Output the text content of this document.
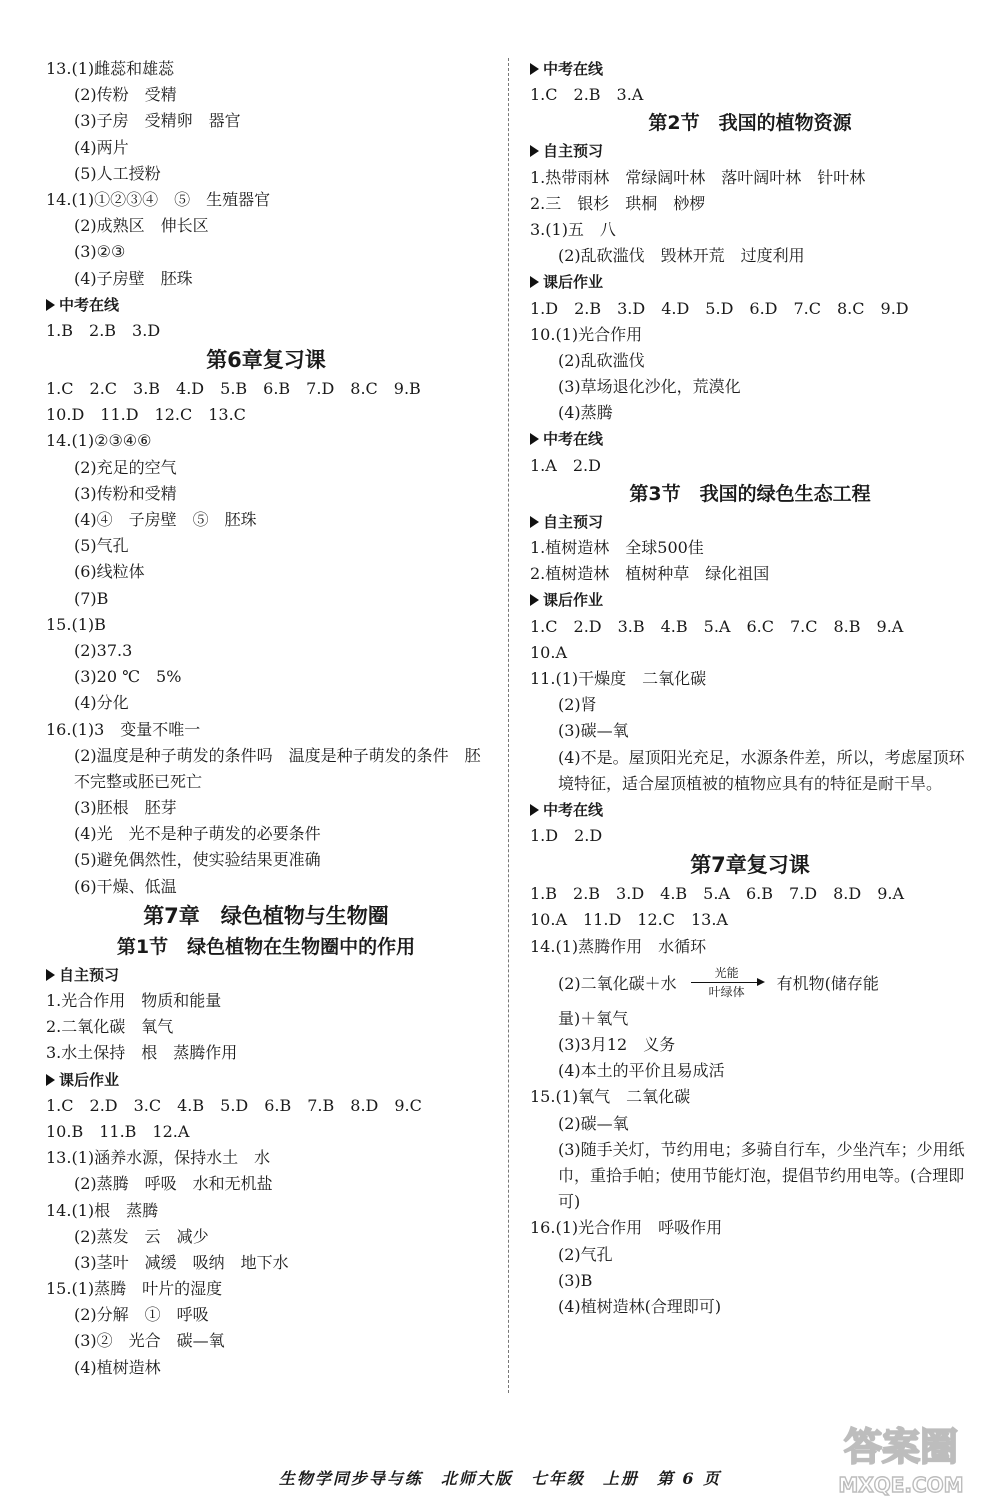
13.(1)雌蕊和雄蕊
(2)传粉　受精
(3)子房　受精卵　器官
(4)两片
(5)人工授粉
14.(1)①②③④　⑤　生殖器官
(2)成熟区　伸长区
(3)②③
(4)子房壁　胚珠
中考在线
1.B　2.B　3.D
第6章复习课
1.C　2.C　3.B　4.D　5.B　6.B　7.D　8.C　9.B
10.D　11.D　12.C　13.C
14.(1)②③④⑥
(2)充足的空气
(3)传粉和受精
(4)④　子房壁　⑤　胚珠
(5)气孔
(6)线粒体
(7)B
15.(1)B
(2)37.3
(3)20 ℃　5%
(4)分化
16.(1)3　变量不唯一
(2)温度是种子萌发的条件吗　温度是种子萌发的条件　胚不完整或胚已死亡
(3)胚根　胚芽
(4)光　光不是种子萌发的必要条件
(5)避免偶然性，使实验结果更准确
(6)干燥、低温
第7章　绿色植物与生物圈
第1节　绿色植物在生物圈中的作用
自主预习
1.光合作用　物质和能量
2.二氧化碳　氧气
3.水土保持　根　蒸腾作用
课后作业
1.C　2.D　3.C　4.B　5.D　6.B　7.B　8.D　9.C
10.B　11.B　12.A
13.(1)涵养水源，保持水土　水
(2)蒸腾　呼吸　水和无机盐
14.(1)根　蒸腾
(2)蒸发　云　减少
(3)茎叶　减缓　吸纳　地下水
15.(1)蒸腾　叶片的湿度
(2)分解　①　呼吸
(3)②　光合　碳—氧
(4)植树造林
中考在线
1.C　2.B　3.A
第2节　我国的植物资源
自主预习
1.热带雨林　常绿阔叶林　落叶阔叶林　针叶林
2.三　银杉　珙桐　桫椤
3.(1)五　八
(2)乱砍滥伐　毁林开荒　过度利用
课后作业
1.D　2.B　3.D　4.D　5.D　6.D　7.C　8.C　9.D
10.(1)光合作用
(2)乱砍滥伐
(3)草场退化沙化，荒漠化
(4)蒸腾
中考在线
1.A　2.D
第3节　我国的绿色生态工程
自主预习
1.植树造林　全球500佳
2.植树造林　植树种草　绿化祖国
课后作业
1.C　2.D　3.B　4.B　5.A　6.C　7.C　8.B　9.A
10.A
11.(1)干燥度　二氧化碳
(2)肾
(3)碳—氧
(4)不是。屋顶阳光充足，水源条件差，所以，考虑屋顶环境特征，适合屋顶植被的植物应具有的特征是耐干旱。
中考在线
1.D　2.D
第7章复习课
1.B　2.B　3.D　4.B　5.A　6.B　7.D　8.D　9.A
10.A　11.D　12.C　13.A
14.(1)蒸腾作用　水循环
(2)二氧化碳＋水
光能
叶绿体 有机物(储存能
量)＋氧气
(3)3月12　义务
(4)本土的平价且易成活
15.(1)氧气　二氧化碳
(2)碳—氧
(3)随手关灯，节约用电；多骑自行车，少坐汽车；少用纸巾，重拾手帕；使用节能灯泡，提倡节约用电等。(合理即可)
16.(1)光合作用　呼吸作用
(2)气孔
(3)B
(4)植树造林(合理即可)
生物学同步导与练　北师大版　七年级　上册　第 6 页
答案圈
MXQE.COM
